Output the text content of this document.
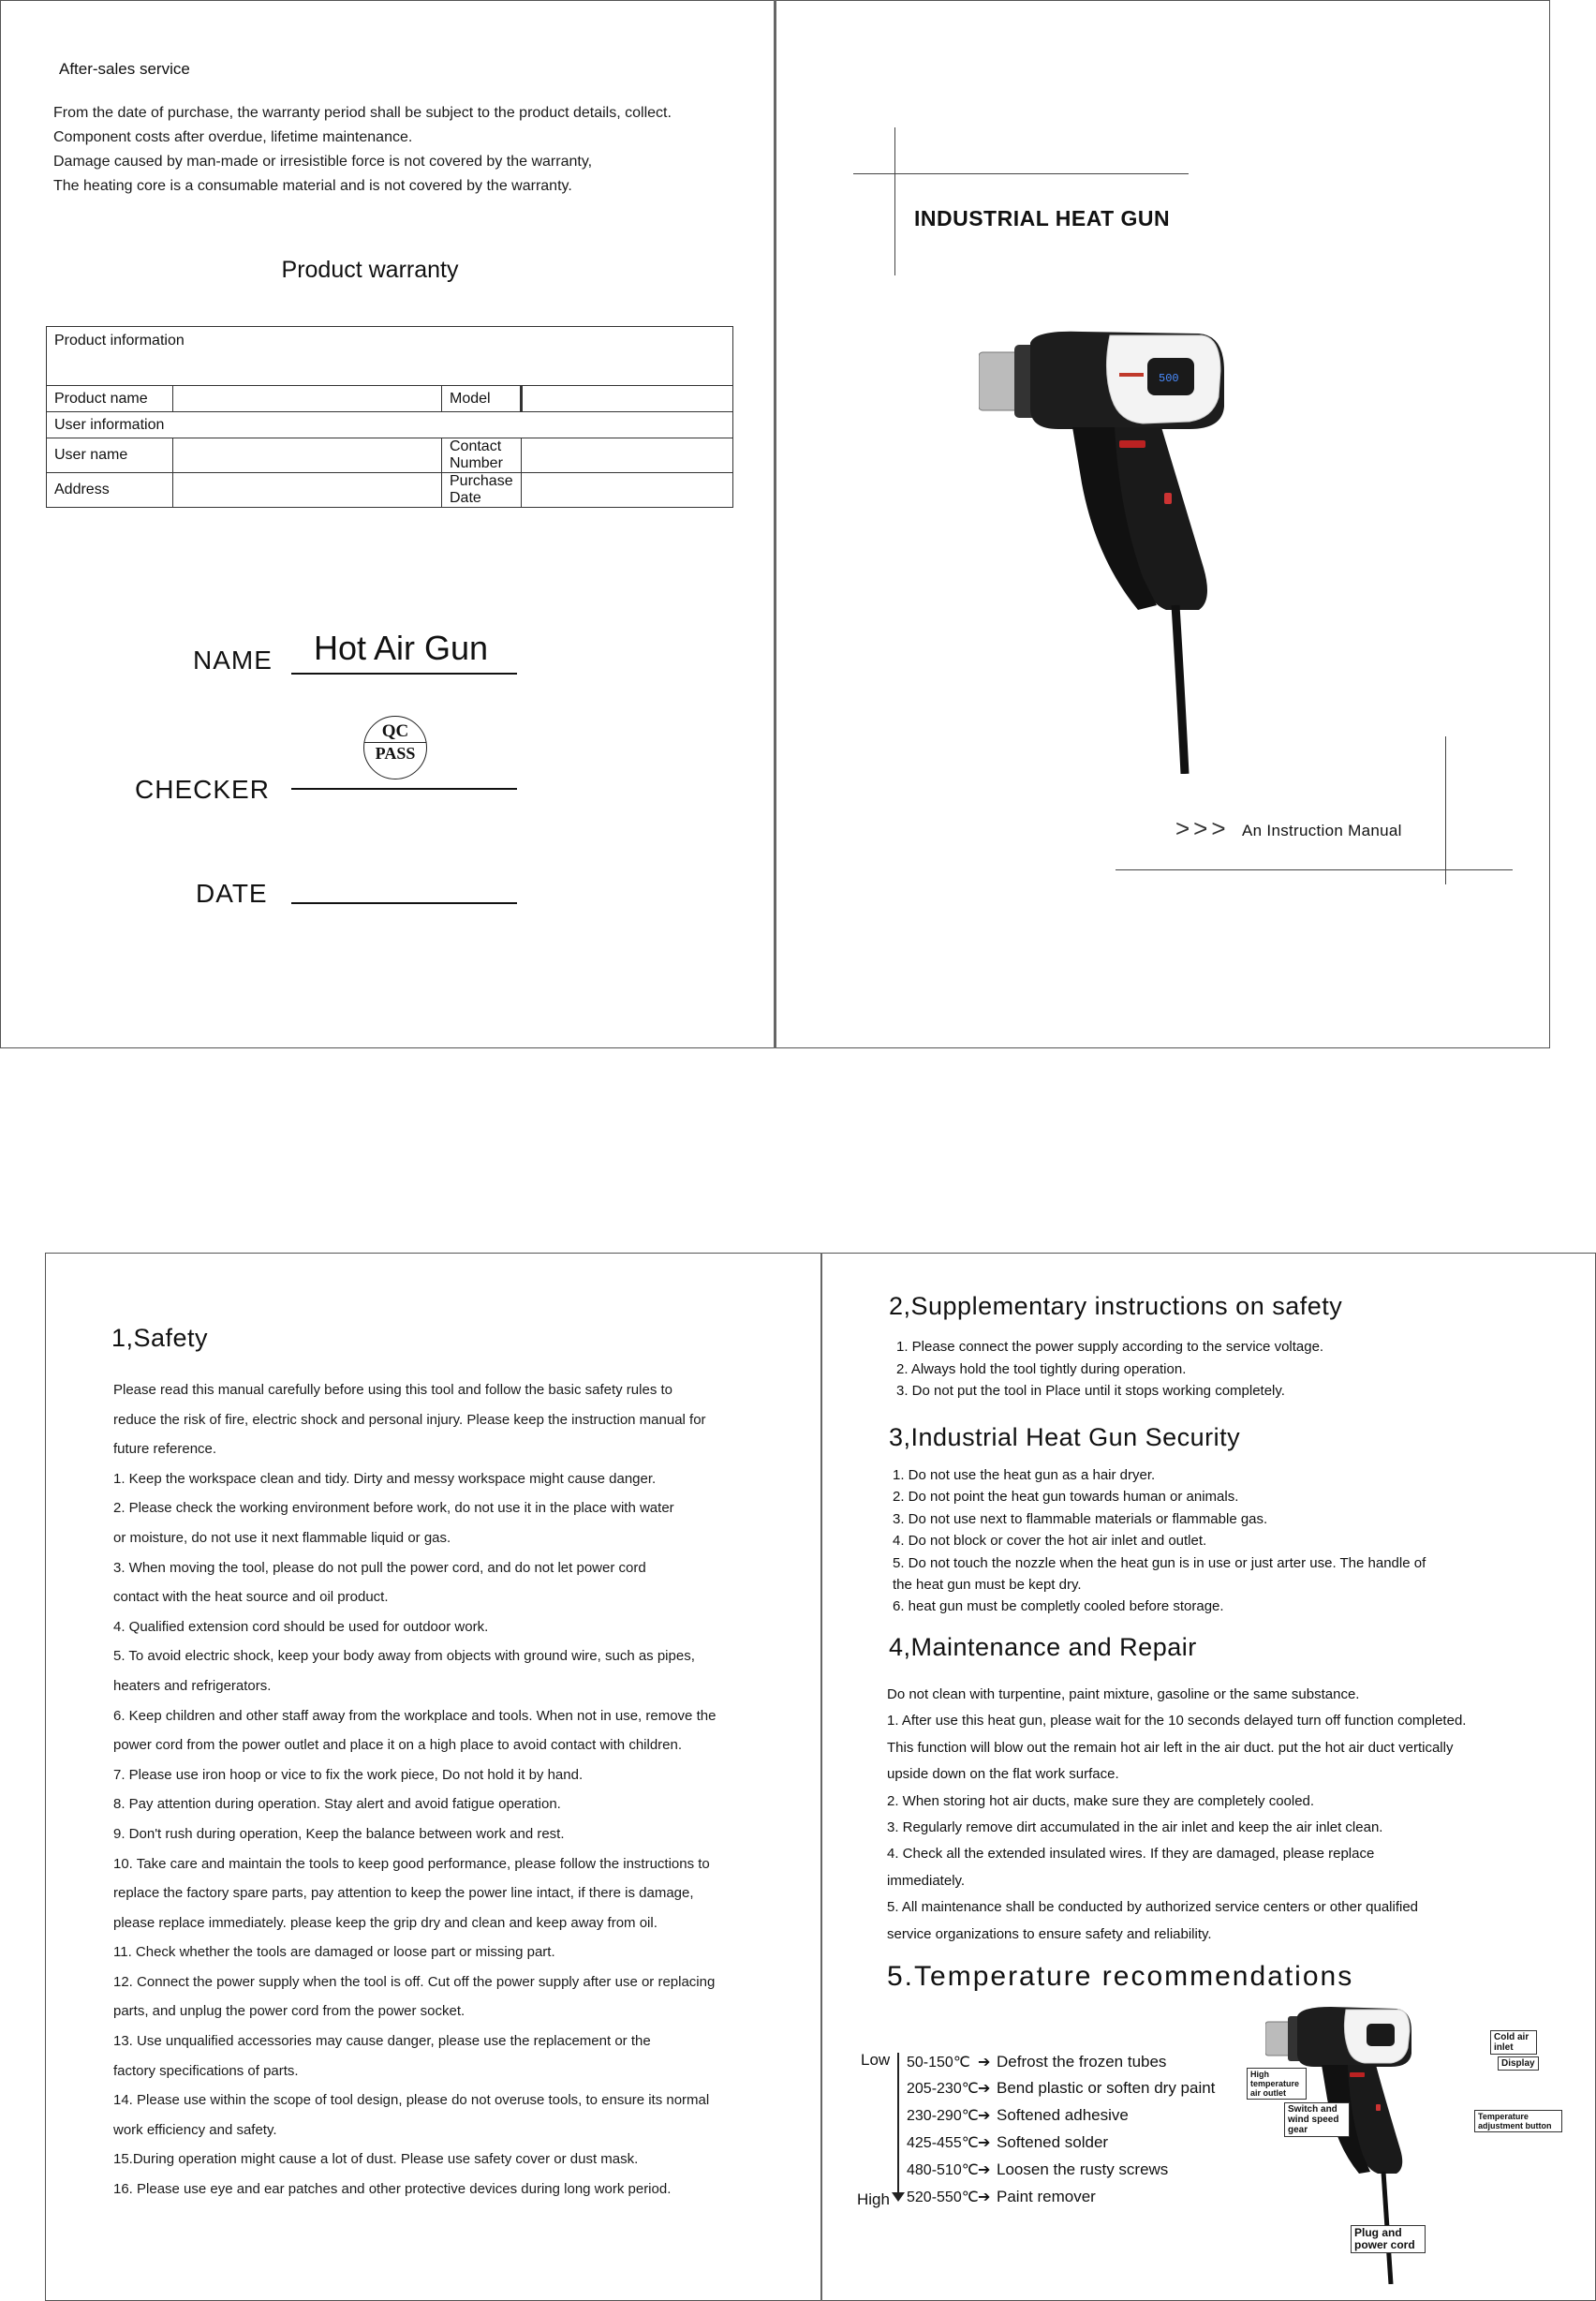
After-sales service
From the date of purchase, the warranty period shall be subject to the product details, collect.
Component costs after overdue, lifetime maintenance.
Damage caused by man-made or irresistible force is not covered by the warranty,
The heating core is a consumable material and is not covered by the warranty.
Product warranty
Product information			
Product name		Model	
User information			
User name		Contact Number	
Address		Purchase Date	
NAME Hot Air Gun
QC
PASS
CHECKER
DATE
INDUSTRIAL HEAT GUN
500
>>> An Instruction Manual
1,Safety
Please read this manual carefully before using this tool and follow the basic safety rules to
reduce the risk of fire, electric shock and personal injury. Please keep the instruction manual for
future reference.
1. Keep the workspace clean and tidy. Dirty and messy workspace might cause danger.
2. Please check the working environment before work, do not use it in the place with water
or moisture, do not use it next flammable liquid or gas.
3. When moving the tool, please do not pull the power cord, and do not let power cord
contact with the heat source and oil product.
4. Qualified extension cord should be used for outdoor work.
5. To avoid electric shock, keep your body away from objects with ground wire, such as pipes,
heaters and refrigerators.
6. Keep children and other staff away from the workplace and tools. When not in use, remove the
power cord from the power outlet and place it on a high place to avoid contact with children.
7. Please use iron hoop or vice to fix the work piece, Do not hold it by hand.
8. Pay attention during operation. Stay alert and avoid fatigue operation.
9. Don't rush during operation, Keep the balance between work and rest.
10. Take care and maintain the tools to keep good performance, please follow the instructions to
replace the factory spare parts, pay attention to keep the power line intact, if there is damage,
please replace immediately. please keep the grip dry and clean and keep away from oil.
11. Check whether the tools are damaged or loose part or missing part.
12. Connect the power supply when the tool is off. Cut off the power supply after use or replacing
parts, and unplug the power cord from the power socket.
13. Use unqualified accessories may cause danger, please use the replacement or the
factory specifications of parts.
14. Please use within the scope of tool design, please do not overuse tools, to ensure its normal
work efficiency and safety.
15.During operation might cause a lot of dust. Please use safety cover or dust mask.
16. Please use eye and ear patches and other protective devices during long work period.
2,Supplementary instructions on safety
1. Please connect the power supply according to the service voltage.
2. Always hold the tool tightly during operation.
3. Do not put the tool in Place until it stops working completely.
3,Industrial Heat Gun Security
1. Do not use the heat gun as a hair dryer.
2. Do not point the heat gun towards human or animals.
3. Do not use next to flammable materials or flammable gas.
4. Do not block or cover the hot air inlet and outlet.
5. Do not touch the nozzle when the heat gun is in use or just arter use. The handle of
the heat gun must be kept dry.
6. heat gun must be completly cooled before storage.
4,Maintenance and Repair
Do not clean with turpentine, paint mixture, gasoline or the same substance.
1. After use this heat gun, please wait for the 10 seconds delayed turn off function completed.
This function will blow out the remain hot air left in the air duct. put the hot air duct vertically
upside down on the flat work surface.
2. When storing hot air ducts, make sure they are completely cooled.
3. Regularly remove dirt accumulated in the air inlet and keep the air inlet clean.
4. Check all the extended insulated wires. If they are damaged, please replace
immediately.
5. All maintenance shall be conducted by authorized service centers or other qualified
service organizations to ensure safety and reliability.
5.Temperature recommendations
Low
High
50-150℃ ➔ Defrost the frozen tubes
205-230℃➔ Bend plastic or soften dry paint
230-290℃➔ Softened adhesive
425-455℃➔ Softened solder
480-510℃➔ Loosen the rusty screws
520-550℃➔ Paint remover
Cold air inlet
Display
High temperature air outlet
Switch and wind speed gear
Temperature adjustment button
Plug and power cord
